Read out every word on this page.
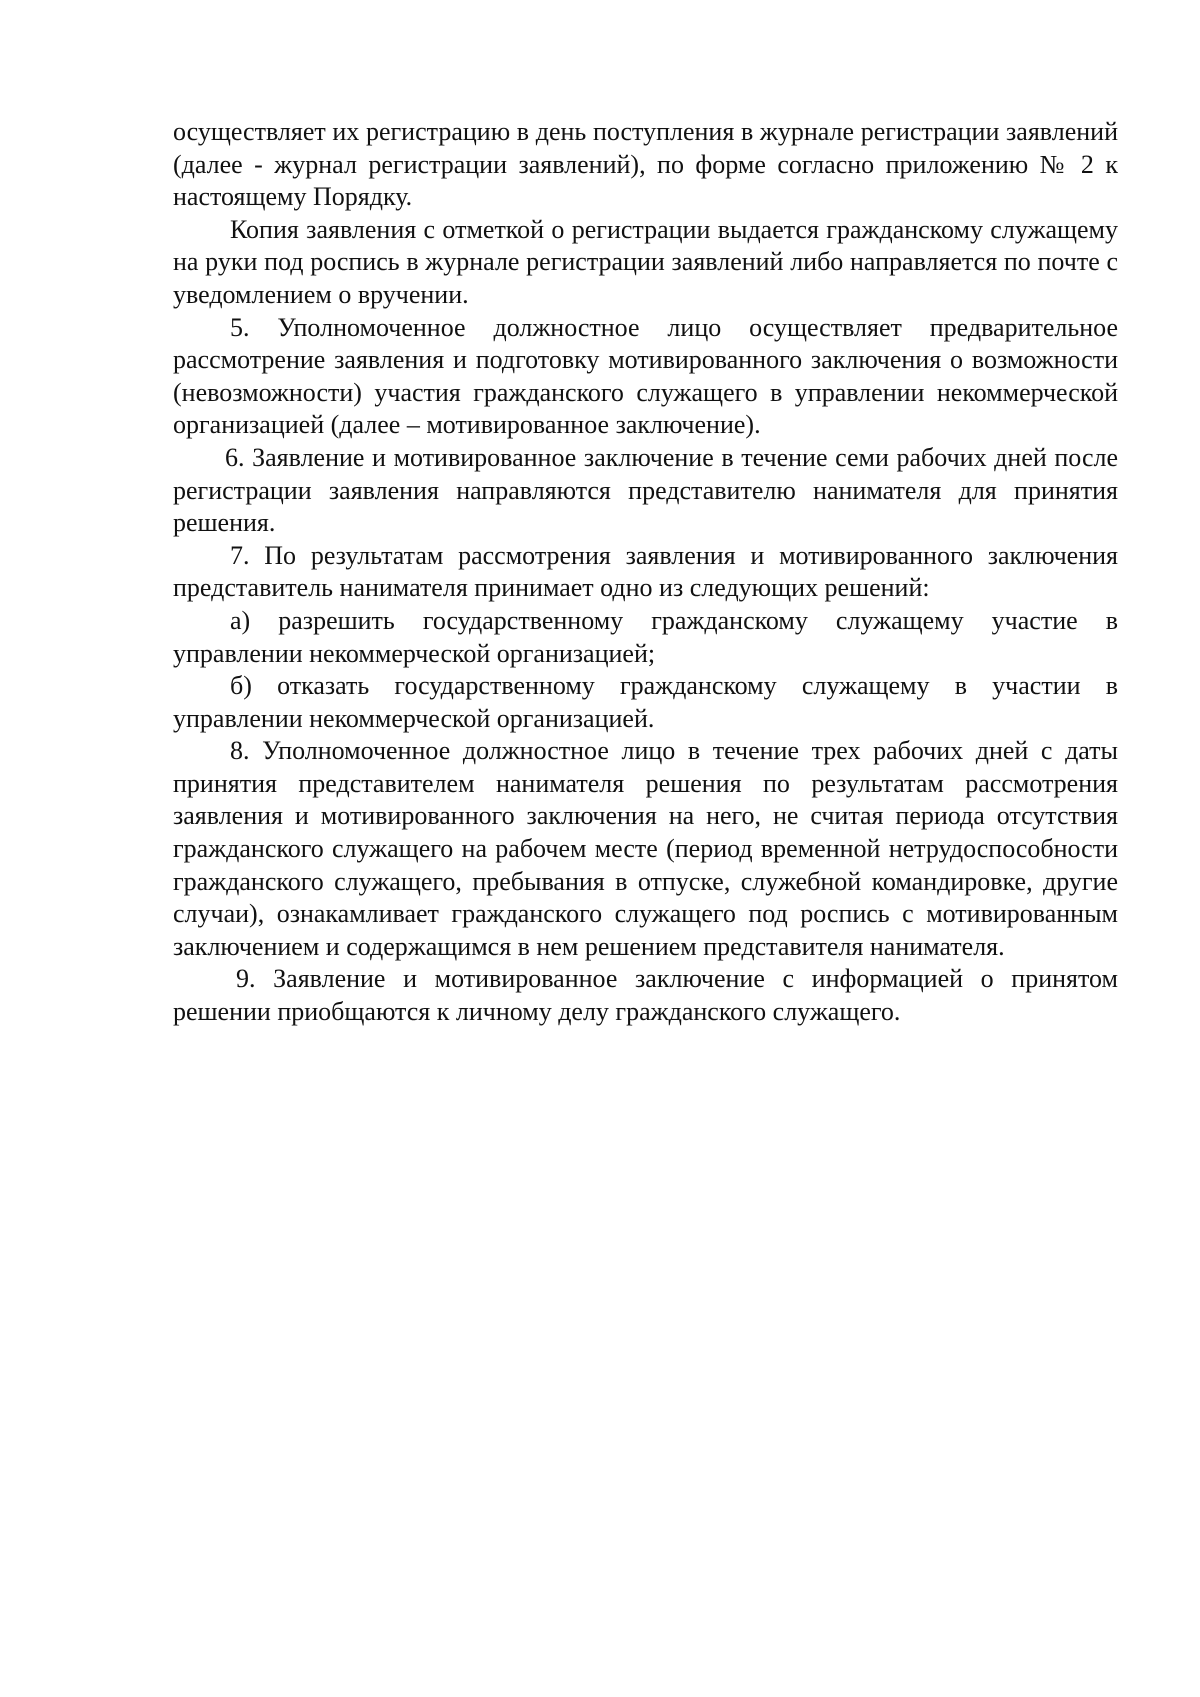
осуществляет их регистрацию в день поступления в журнале регистрации заявлений (далее - журнал регистрации заявлений), по форме согласно приложению № 2 к настоящему Порядку.

Копия заявления с отметкой о регистрации выдается гражданскому служащему на руки под роспись в журнале регистрации заявлений либо направляется по почте с уведомлением о вручении.

5. Уполномоченное должностное лицо осуществляет предварительное рассмотрение заявления и подготовку мотивированного заключения о возможности (невозможности) участия гражданского служащего в управлении некоммерческой организацией (далее – мотивированное заключение).

6. Заявление и мотивированное заключение в течение семи рабочих дней после регистрации заявления направляются представителю нанимателя для принятия решения.

7. По результатам рассмотрения заявления и мотивированного заключения представитель нанимателя принимает одно из следующих решений:

а) разрешить государственному гражданскому служащему участие в управлении некоммерческой организацией;

б) отказать государственному гражданскому служащему в участии в управлении некоммерческой организацией.

8. Уполномоченное должностное лицо в течение трех рабочих дней с даты принятия представителем нанимателя решения по результатам рассмотрения заявления и мотивированного заключения на него, не считая периода отсутствия гражданского служащего на рабочем месте (период временной нетрудоспособности гражданского служащего, пребывания в отпуске, служебной командировке, другие случаи), ознакамливает гражданского служащего под роспись с мотивированным заключением и содержащимся в нем решением представителя нанимателя.

9. Заявление и мотивированное заключение с информацией о принятом решении приобщаются к личному делу гражданского служащего.
